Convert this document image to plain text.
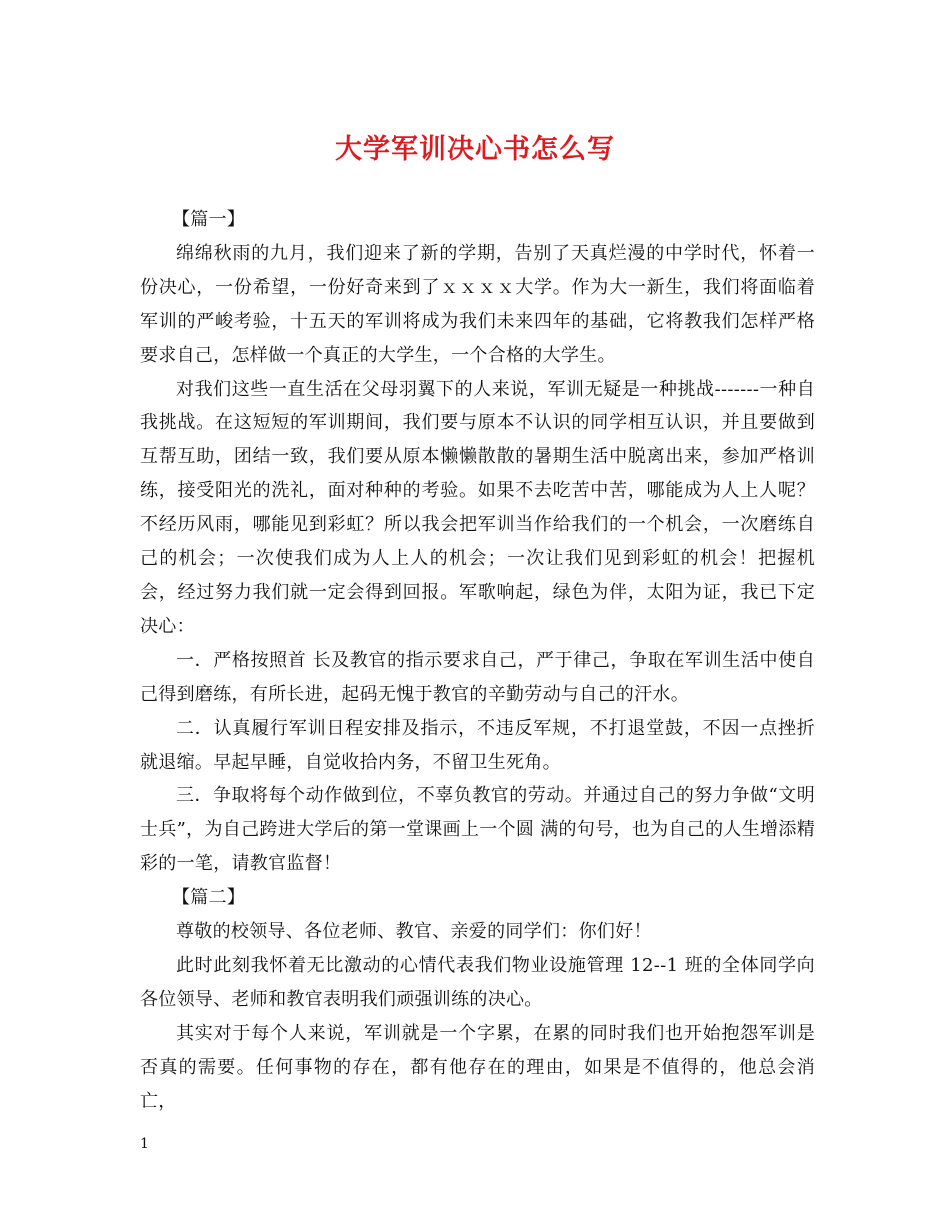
大学军训决心书怎么写

【篇一】

绵绵秋雨的九月，我们迎来了新的学期，告别了天真烂漫的中学时代，怀着一份决心，一份希望，一份好奇来到了ｘｘｘｘ大学。作为大一新生，我们将面临着军训的严峻考验，十五天的军训将成为我们未来四年的基础，它将教我们怎样严格要求自己，怎样做一个真正的大学生，一个合格的大学生。

对我们这些一直生活在父母羽翼下的人来说，军训无疑是一种挑战-------一种自我挑战。在这短短的军训期间，我们要与原本不认识的同学相互认识，并且要做到互帮互助，团结一致，我们要从原本懒懒散散的暑期生活中脱离出来，参加严格训练，接受阳光的洗礼，面对种种的考验。如果不去吃苦中苦，哪能成为人上人呢？不经历风雨，哪能见到彩虹？所以我会把军训当作给我们的一个机会，一次磨练自己的机会；一次使我们成为人上人的机会；一次让我们见到彩虹的机会！把握机会，经过努力我们就一定会得到回报。军歌响起，绿色为伴，太阳为证，我已下定决心：

一．严格按照首 长及教官的指示要求自己，严于律己，争取在军训生活中使自己得到磨练，有所长进，起码无愧于教官的辛勤劳动与自己的汗水。

二．认真履行军训日程安排及指示，不违反军规，不打退堂鼓，不因一点挫折就退缩。早起早睡，自觉收拾内务，不留卫生死角。

三．争取将每个动作做到位，不辜负教官的劳动。并通过自己的努力争做“文明士兵”，为自己跨进大学后的第一堂课画上一个圆 满的句号，也为自己的人生增添精彩的一笔，请教官监督！

【篇二】

尊敬的校领导、各位老师、教官、亲爱的同学们：你们好！

此时此刻我怀着无比激动的心情代表我们物业设施管理 12--1 班的全体同学向各位领导、老师和教官表明我们顽强训练的决心。

其实对于每个人来说，军训就是一个字累，在累的同时我们也开始抱怨军训是否真的需要。任何事物的存在，都有他存在的理由，如果是不值得的，他总会消亡，

1
